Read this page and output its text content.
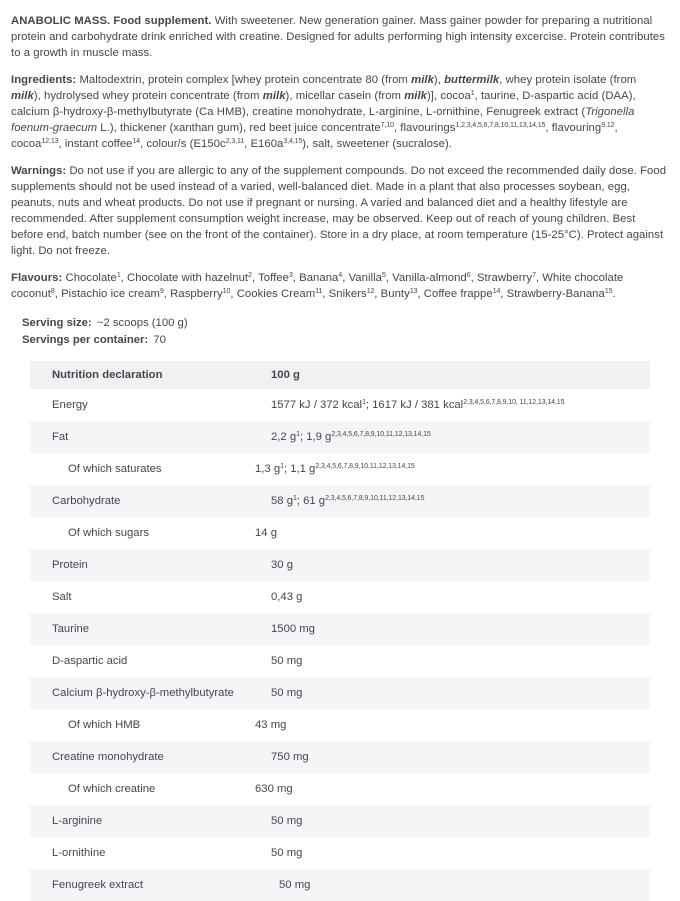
ANABOLIC MASS. Food supplement. With sweetener. New generation gainer. Mass gainer powder for preparing a nutritional protein and carbohydrate drink enriched with creatine. Designed for adults performing high intensity excercise. Protein contributes to a growth in muscle mass.

Ingredients: Maltodextrin, protein complex [whey protein concentrate 80 (from milk), buttermilk, whey protein isolate (from milk), hydrolysed whey protein concentrate (from milk), micellar casein (from milk)], cocoa$^1$, taurine, D-aspartic acid (DAA), calcium β-hydroxy-β-methylbutyrate (Ca HMB), creatine monohydrate, L-arginine, L-ornithine, Fenugreek extract (Trigonella foenum-graecum L.), thickener (xanthan gum), red beet juice concentrate$^{7,10}$, flavourings$^{1,2,3,4,5,6,7,8,10,11,13,14,15}$, flavouring$^{9,12}$, cocoa$^{12,13}$, instant coffee$^{14}$, colour/s ($E150c^{2,3,11}$, $E160a^{3,4,15}$), salt, sweetener (sucralose).

Warnings: Do not use if you are allergic to any of the supplement compounds. Do not exceed the recommended daily dose. Food supplements should not be used instead of a varied, well-balanced diet. Made in a plant that also processes soybean, egg, peanuts, nuts and wheat products. Do not use if pregnant or nursing. A varied and balanced diet and a healthy lifestyle are recommended. After supplement consumption weight increase, may be observed. Keep out of reach of young children. Best before end, batch number (see on the front of the container). Store in a dry place, at room temperature (15-25°C). Protect against light. Do not freeze.

Flavours: Chocolate$^1$, Chocolate with hazelnut$^2$, Toffee$^3$, Banana$^4$, Vanilla$^5$, Vanilla-almond$^6$, Strawberry$^7$, White chocolate coconut$^8$, Pistachio ice cream$^9$, Raspberry$^{10}$, Cookies Cream$^{11}$, Snikers$^{12}$, Bunty$^{13}$, Coffee frappe$^{14}$, Strawberry-Banana$^{15}$.

Serving size: ~2 scoops (100 g)
Servings per container: 70
Nutrition declaration	100 g
Energy	1577 kJ / 372 kcal$^1$; 1617 kJ / 381 kcal$^{2,3,4,5,6,7,8,9,10, 11,12,13,14,15}$
Fat	2,2 $g^1$; 1,9 $g^{2,3,4,5,6,7,8,9,10,11,12,13,14,15}$
Of which saturates	1,3 $g^1$; 1,1 $g^{2,3,4,5,6,7,8,9,10,11,12,13,14,15}$
Carbohydrate	58 $g^1$; 61 $g^{2,3,4,5,6,7,8,9,10,11,12,13,14,15}$
Of which sugars	14 g
Protein	30 g
Salt	0,43 g
Taurine	1500 mg
D-aspartic acid	50 mg
Calcium β-hydroxy-β-methylbutyrate	50 mg
Of which HMB	43 mg
Creatine monohydrate	750 mg
Of which creatine	630 mg
L-arginine	50 mg
L-ornithine	50 mg
Fenugreek extract	50 mg
